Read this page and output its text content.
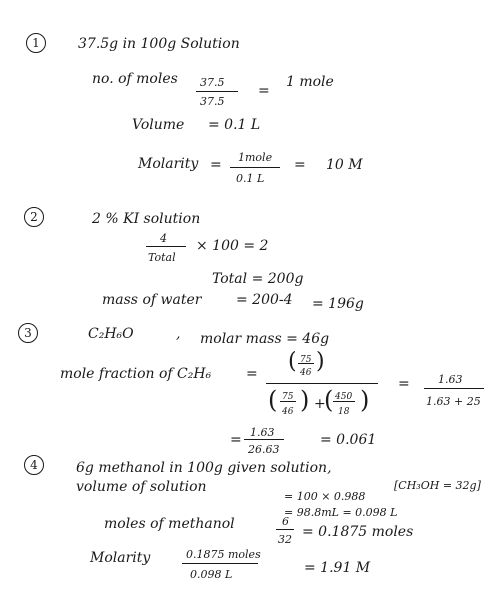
1	37.5g in 100g Solution
no. of moles 37.5
37.5
=
1 mole
Volume = 0.1 L
Molarity = 1mole
0.1 L
= 10 M
2	2 % KI solution
4
Total
× 100 = 2
Total = 200g
mass of water = 200-4 = 196g
3	C₂H₆O	, molar mass = 46g
mole fraction of C₂H₆ = ( 75
46 )
( 75
46 ) +
( 450
18 )
=	1.63
1.63 + 25
= 1.63
26.63
= 0.061
4	6g methanol in 100g given solution,
[CH₃OH = 32g]
volume of solution
= 100 × 0.988
= 98.8mL = 0.098 L
moles of methanol	6
32 = 0.1875 moles
Molarity	0.1875 moles
0.098 L	= 1.91 M
